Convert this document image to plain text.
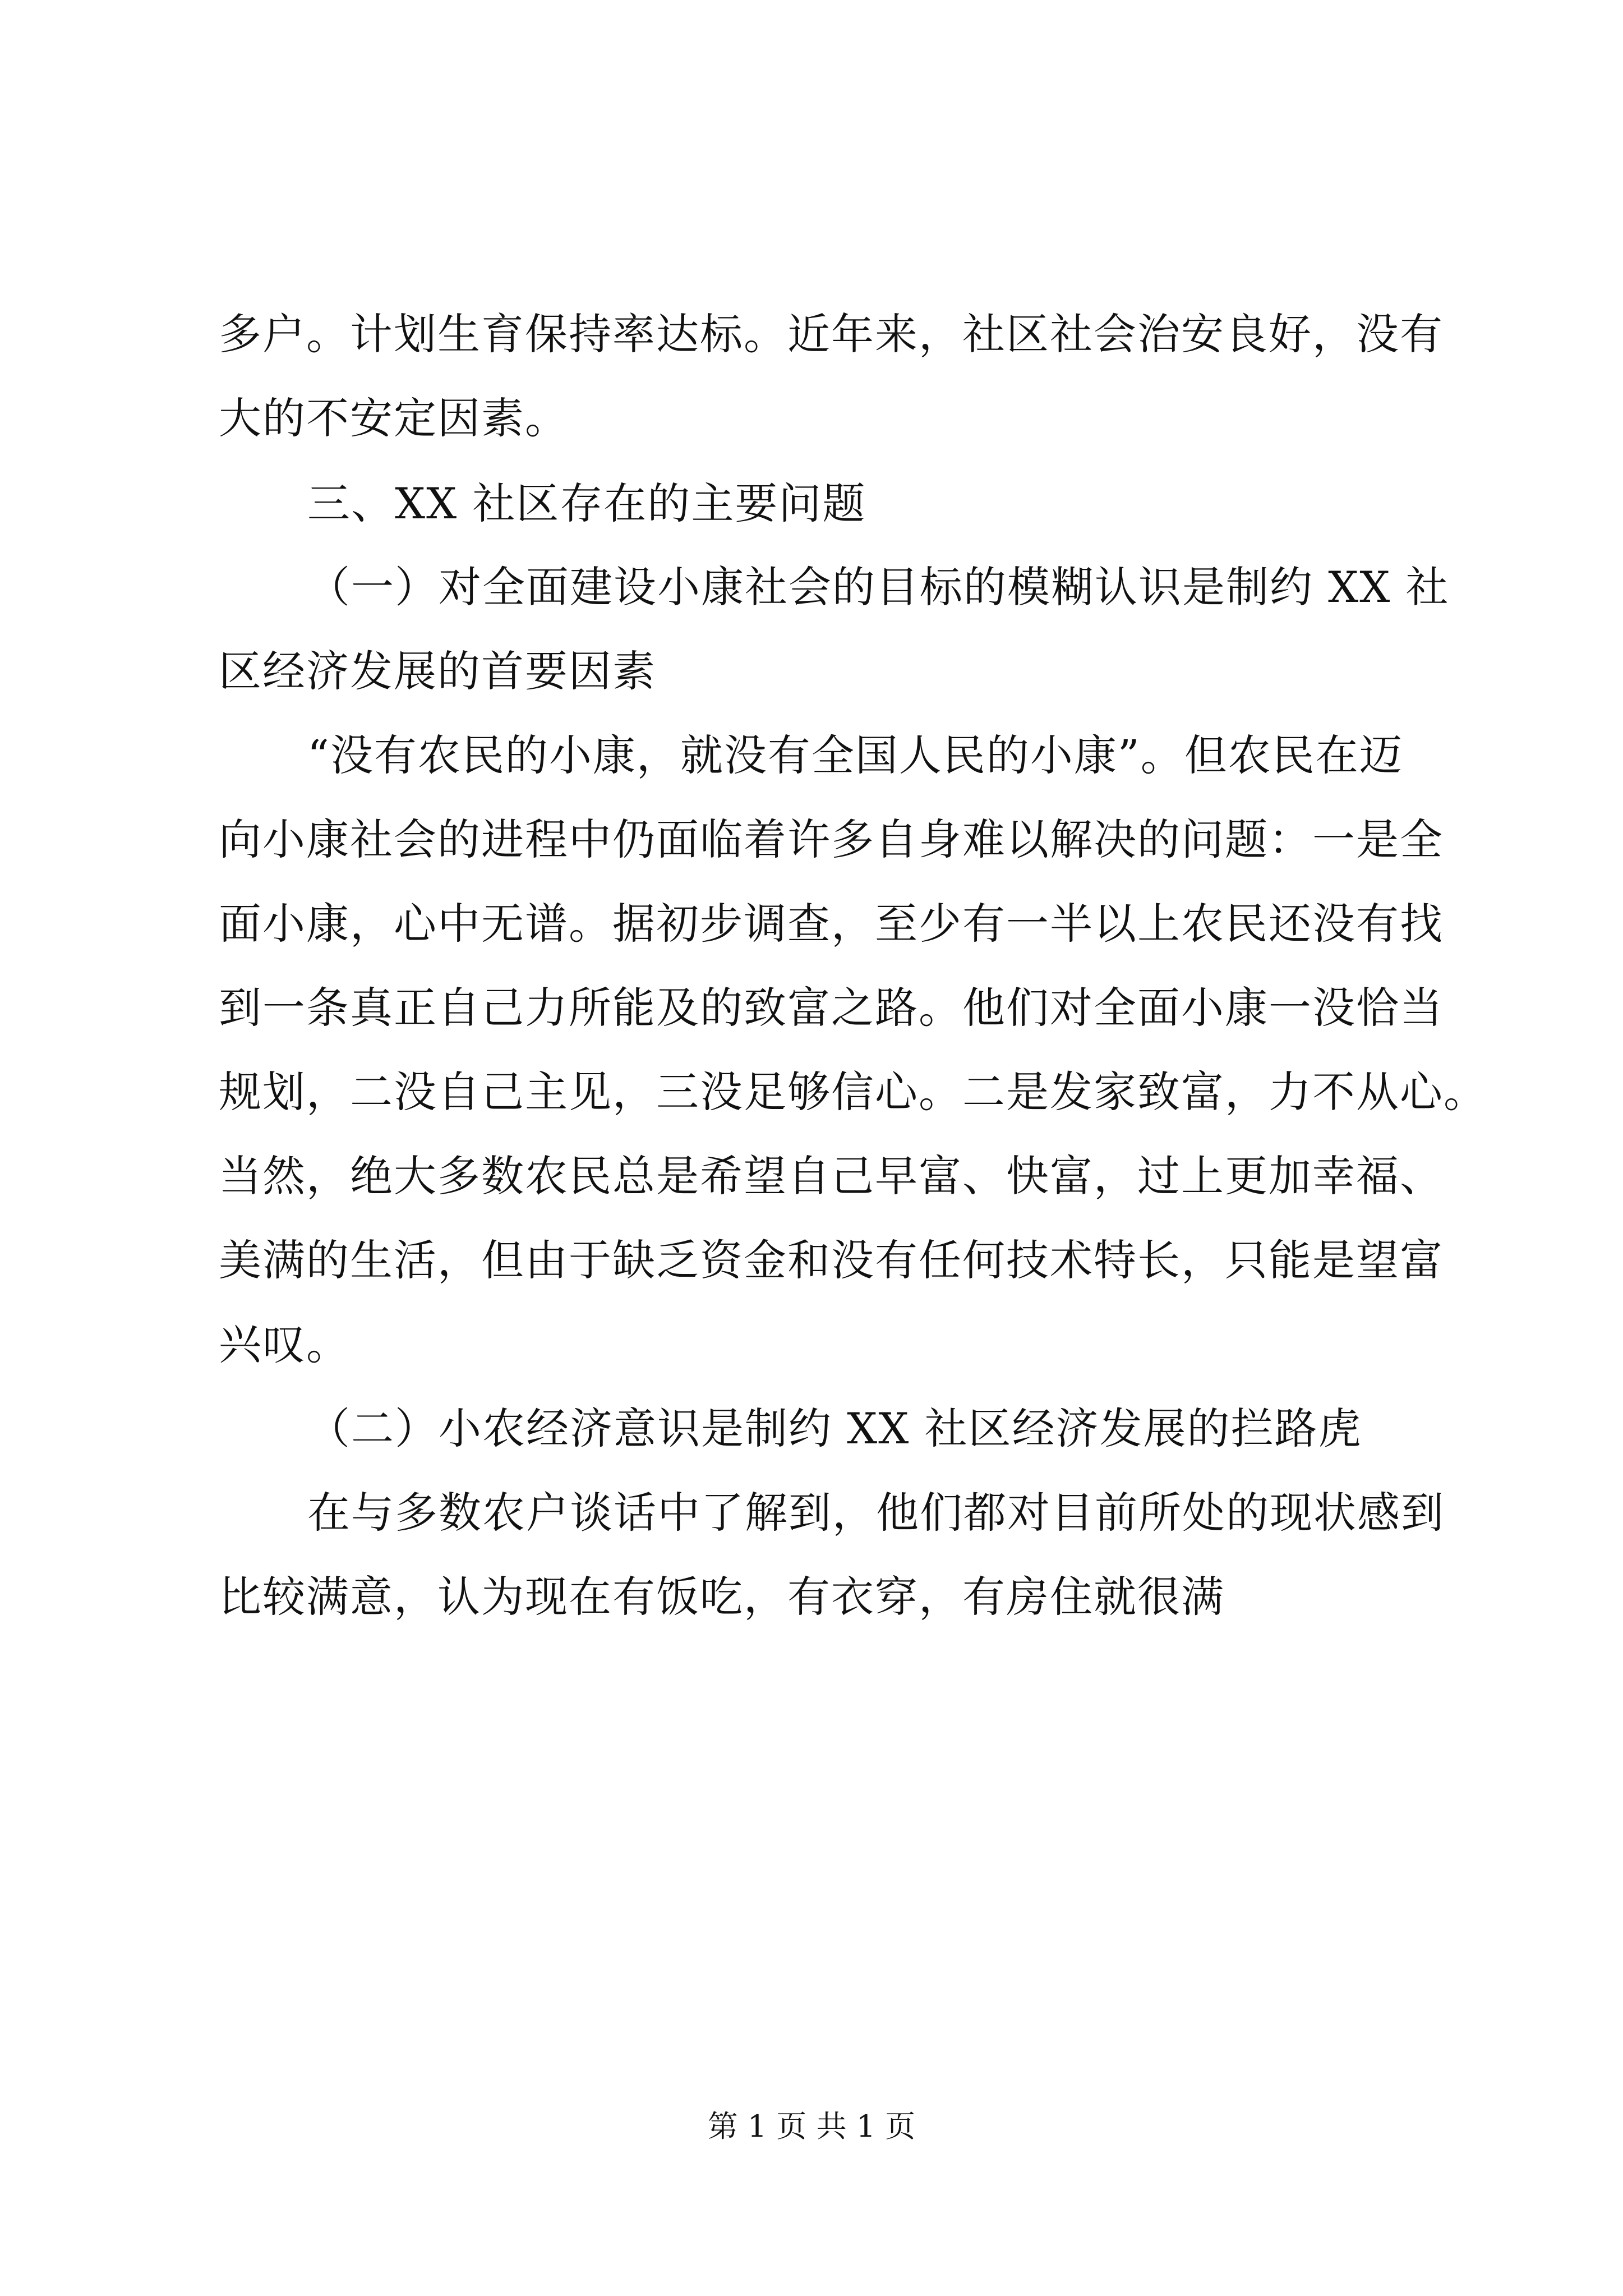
多户。计划生育保持率达标。近年来，社区社会治安良好，没有
大的不安定因素。
三、XX 社区存在的主要问题
（一）对全面建设小康社会的目标的模糊认识是制约 XX 社
区经济发展的首要因素
“没有农民的小康，就没有全国人民的小康”。但农民在迈
向小康社会的进程中仍面临着许多自身难以解决的问题：一是全
面小康，心中无谱。据初步调查，至少有一半以上农民还没有找
到一条真正自己力所能及的致富之路。他们对全面小康一没恰当
规划，二没自己主见，三没足够信心。二是发家致富，力不从心。
当然，绝大多数农民总是希望自己早富、快富，过上更加幸福、
美满的生活，但由于缺乏资金和没有任何技术特长，只能是望富
兴叹。
（二）小农经济意识是制约 XX 社区经济发展的拦路虎
在与多数农户谈话中了解到，他们都对目前所处的现状感到
比较满意，认为现在有饭吃，有衣穿，有房住就很满
第 1 页 共 1 页
